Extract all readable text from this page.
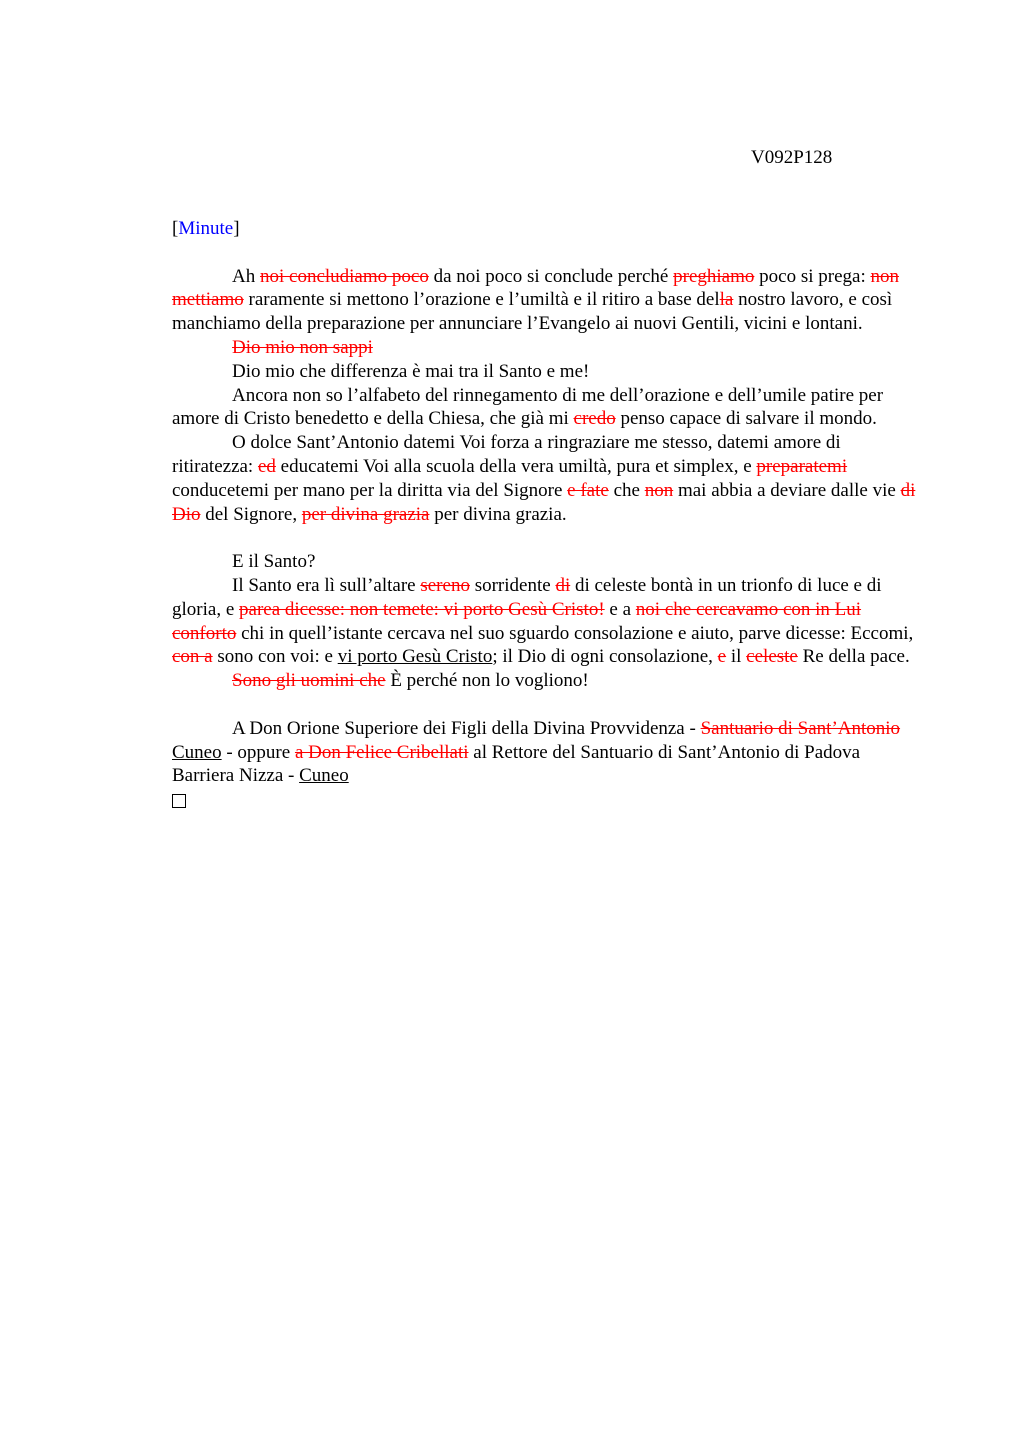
V092P128

[Minute]

Ah noi concludiamo poco da noi poco si conclude perché preghiamo poco si prega: non mettiamo raramente si mettono l’orazione e l’umiltà e il ritiro a base della nostro lavoro, e così manchiamo della preparazione per annunciare l’Evangelo ai nuovi Gentili, vicini e lontani.

Dio mio non sappi

Dio mio che differenza è mai tra il Santo e me!

Ancora non so l’alfabeto del rinnegamento di me dell’orazione e dell’umile patire per amore di Cristo benedetto e della Chiesa, che già mi credo penso capace di salvare il mondo.

O dolce Sant’Antonio datemi Voi forza a ringraziare me stesso, datemi amore di ritiratezza: ed educatemi Voi alla scuola della vera umiltà, pura et simplex, e preparatemi conducetemi per mano per la diritta via del Signore e fate che non mai abbia a deviare dalle vie di Dio del Signore, per divina grazia per divina grazia.

E il Santo?

Il Santo era lì sull’altare sereno sorridente di di celeste bontà in un trionfo di luce e di gloria, e parea dicesse: non temete: vi porto Gesù Cristo! e a noi che cercavamo con in Lui conforto chi in quell’istante cercava nel suo sguardo consolazione e aiuto, parve dicesse: Eccomi, con a sono con voi: e vi porto Gesù Cristo; il Dio di ogni consolazione, e il celeste Re della pace.

Sono gli uomini che È perché non lo vogliono!

A Don Orione Superiore dei Figli della Divina Provvidenza - Santuario di Sant’Antonio Cuneo - oppure a Don Felice Cribellati al Rettore del Santuario di Sant’Antonio di Padova Barriera Nizza - Cuneo
